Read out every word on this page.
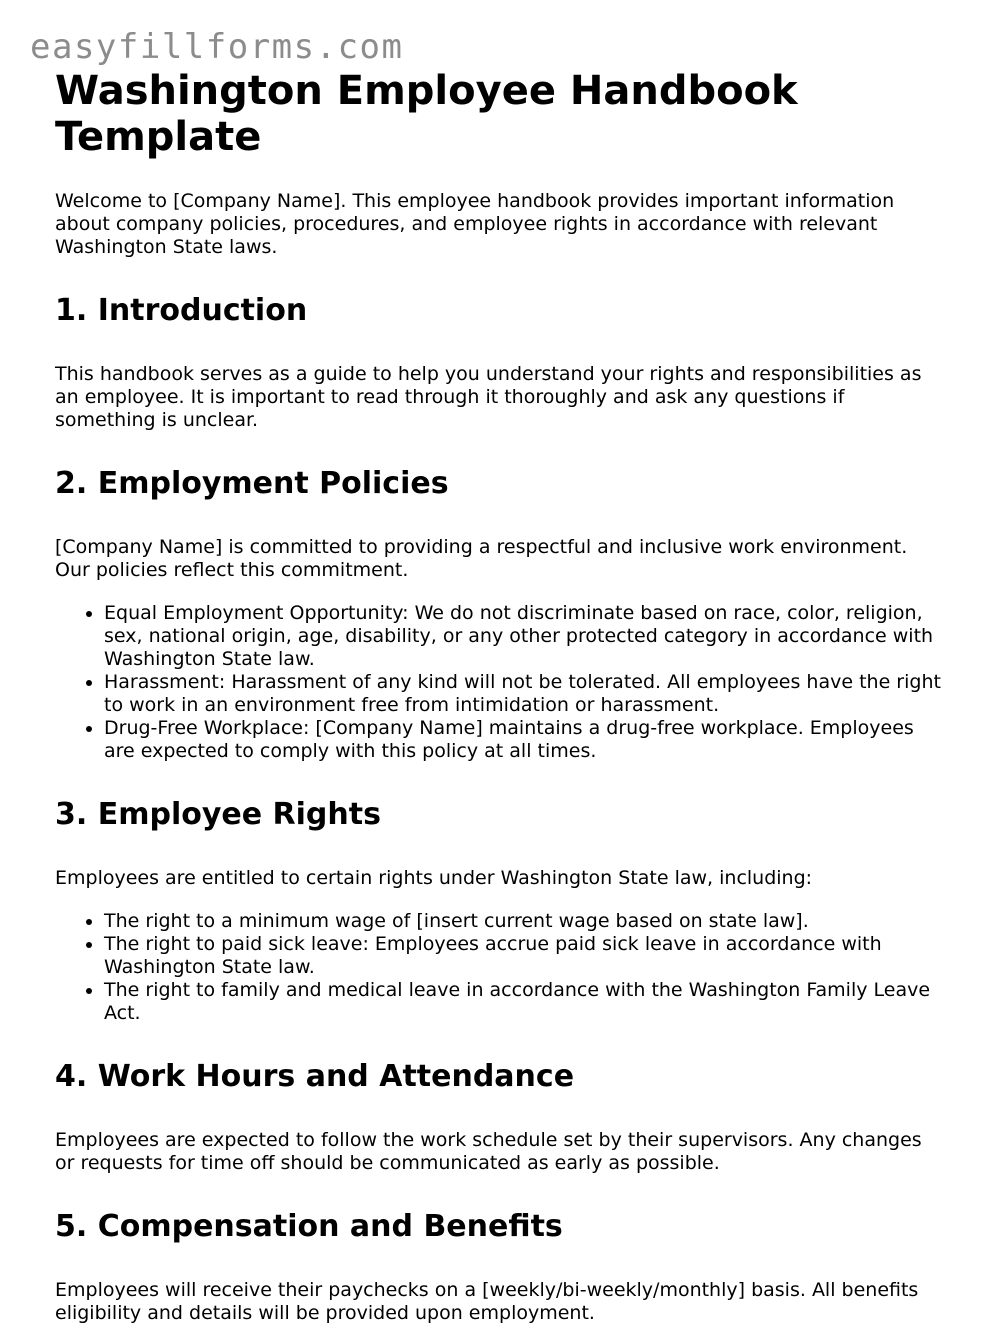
easyfillforms.com
Washington Employee Handbook Template

Welcome to [Company Name]. This employee handbook provides important information about company policies, procedures, and employee rights in accordance with relevant Washington State laws.

1. Introduction

This handbook serves as a guide to help you understand your rights and responsibilities as an employee. It is important to read through it thoroughly and ask any questions if something is unclear.

2. Employment Policies

[Company Name] is committed to providing a respectful and inclusive work environment. Our policies reflect this commitment.

• Equal Employment Opportunity: We do not discriminate based on race, color, religion, sex, national origin, age, disability, or any other protected category in accordance with Washington State law.
• Harassment: Harassment of any kind will not be tolerated. All employees have the right to work in an environment free from intimidation or harassment.
• Drug-Free Workplace: [Company Name] maintains a drug-free workplace. Employees are expected to comply with this policy at all times.
3. Employee Rights

Employees are entitled to certain rights under Washington State law, including:

• The right to a minimum wage of [insert current wage based on state law].
• The right to paid sick leave: Employees accrue paid sick leave in accordance with Washington State law.
• The right to family and medical leave in accordance with the Washington Family Leave Act.
4. Work Hours and Attendance

Employees are expected to follow the work schedule set by their supervisors. Any changes or requests for time off should be communicated as early as possible.

5. Compensation and Benefits

Employees will receive their paychecks on a [weekly/bi-weekly/monthly] basis. All benefits eligibility and details will be provided upon employment.
